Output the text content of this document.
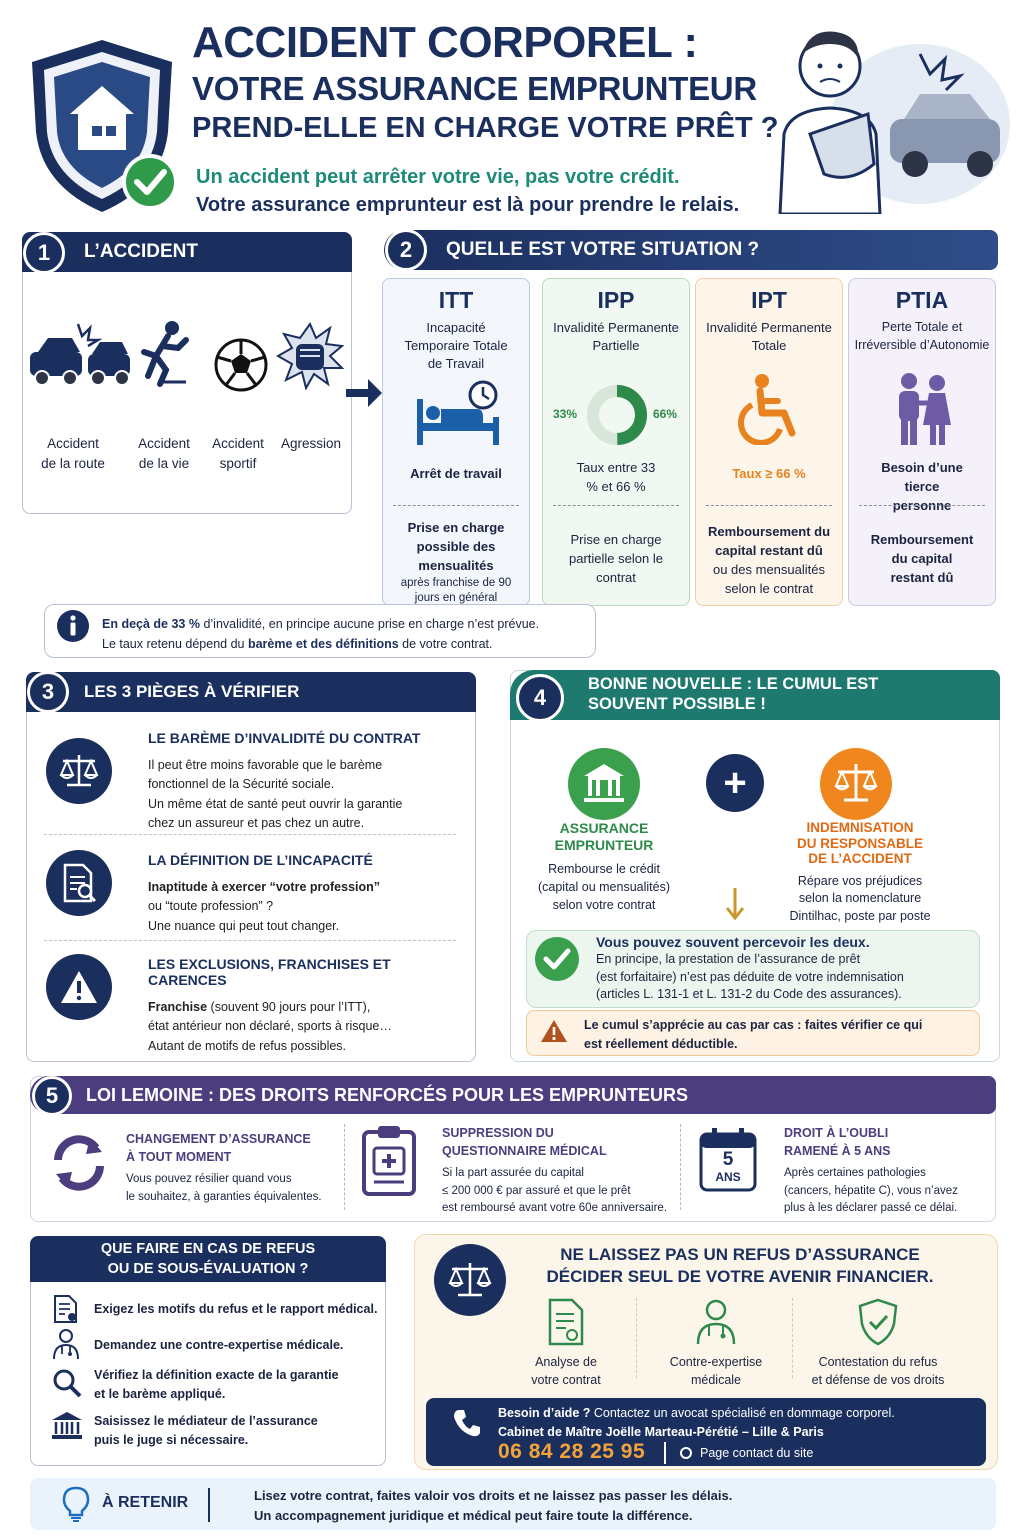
ACCIDENT CORPOREL :
VOTRE ASSURANCE EMPRUNTEUR
PREND-ELLE EN CHARGE VOTRE PRÊT ?
Un accident peut arrêter votre vie, pas votre crédit.
Votre assurance emprunteur est là pour prendre le relais.
L’ACCIDENT
1
Accident
de la route
Accident
de la vie
Accident
sportif
Agression
QUELLE EST VOTRE SITUATION ?
2
ITT
Incapacité Temporaire Totale de Travail
Arrêt de travail
Prise en charge possible des mensualités
après franchise de 90 jours en général
IPP
Invalidité Permanente Partielle
33%	66%
Taux entre 33 % et 66 %
Prise en charge partielle selon le contrat
IPT
Invalidité Permanente Totale
Taux ≥ 66 %
Remboursement du capital restant dû
ou des mensualités selon le contrat
PTIA
Perte Totale et Irréversible d’Autonomie
Besoin d’une tierce personne
Remboursement du capital restant dû
En deçà de 33 % d’invalidité, en principe aucune prise en charge n’est prévue.
Le taux retenu dépend du barème et des définitions de votre contrat.
LES 3 PIÈGES À VÉRIFIER
3
LE BARÈME D’INVALIDITÉ DU CONTRAT
Il peut être moins favorable que le barème
fonctionnel de la Sécurité sociale.
Un même état de santé peut ouvrir la garantie
chez un assureur et pas chez un autre.
LA DÉFINITION DE L’INCAPACITÉ
Inaptitude à exercer “votre profession”
ou “toute profession” ?
Une nuance qui peut tout changer.
LES EXCLUSIONS, FRANCHISES ET CARENCES
Franchise (souvent 90 jours pour l’ITT),
état antérieur non déclaré, sports à risque…
Autant de motifs de refus possibles.
BONNE NOUVELLE : LE CUMUL EST
SOUVENT POSSIBLE !
4
ASSURANCE
EMPRUNTEUR
Rembourse le crédit
(capital ou mensualités)
selon votre contrat
+
INDEMNISATION
DU RESPONSABLE
DE L’ACCIDENT
Répare vos préjudices
selon la nomenclature
Dintilhac, poste par poste
Vous pouvez souvent percevoir les deux.
En principe, la prestation de l’assurance de prêt
(est forfaitaire) n’est pas déduite de votre indemnisation
(articles L. 131-1 et L. 131-2 du Code des assurances).
Le cumul s’apprécie au cas par cas : faites vérifier ce qui
est réellement déductible.
LOI LEMOINE : DES DROITS RENFORCÉS POUR LES EMPRUNTEURS
5
CHANGEMENT D’ASSURANCE
À TOUT MOMENT
Vous pouvez résilier quand vous
le souhaitez, à garanties équivalentes.
SUPPRESSION DU
QUESTIONNAIRE MÉDICAL
Si la part assurée du capital
≤ 200 000 € par assuré et que le prêt
est remboursé avant votre 60e anniversaire.
5
ANS
DROIT À L’OUBLI
RAMENÉ À 5 ANS
Après certaines pathologies
(cancers, hépatite C), vous n’avez
plus à les déclarer passé ce délai.
QUE FAIRE EN CAS DE REFUS
OU DE SOUS-ÉVALUATION ?
Exigez les motifs du refus et le rapport médical.
Demandez une contre-expertise médicale.
Vérifiez la définition exacte de la garantie
et le barème appliqué.
Saisissez le médiateur de l’assurance
puis le juge si nécessaire.
NE LAISSEZ PAS UN REFUS D’ASSURANCE
DÉCIDER SEUL DE VOTRE AVENIR FINANCIER.
Analyse de
votre contrat
Contre-expertise
médicale
Contestation du refus
et défense de vos droits
Besoin d’aide ? Contactez un avocat spécialisé en dommage corporel.
Cabinet de Maître Joëlle Marteau-Pérétié – Lille & Paris
06 84 28 25 95	Page contact du site
À RETENIR	Lisez votre contrat, faites valoir vos droits et ne laissez pas passer les délais.
Un accompagnement juridique et médical peut faire toute la différence.
